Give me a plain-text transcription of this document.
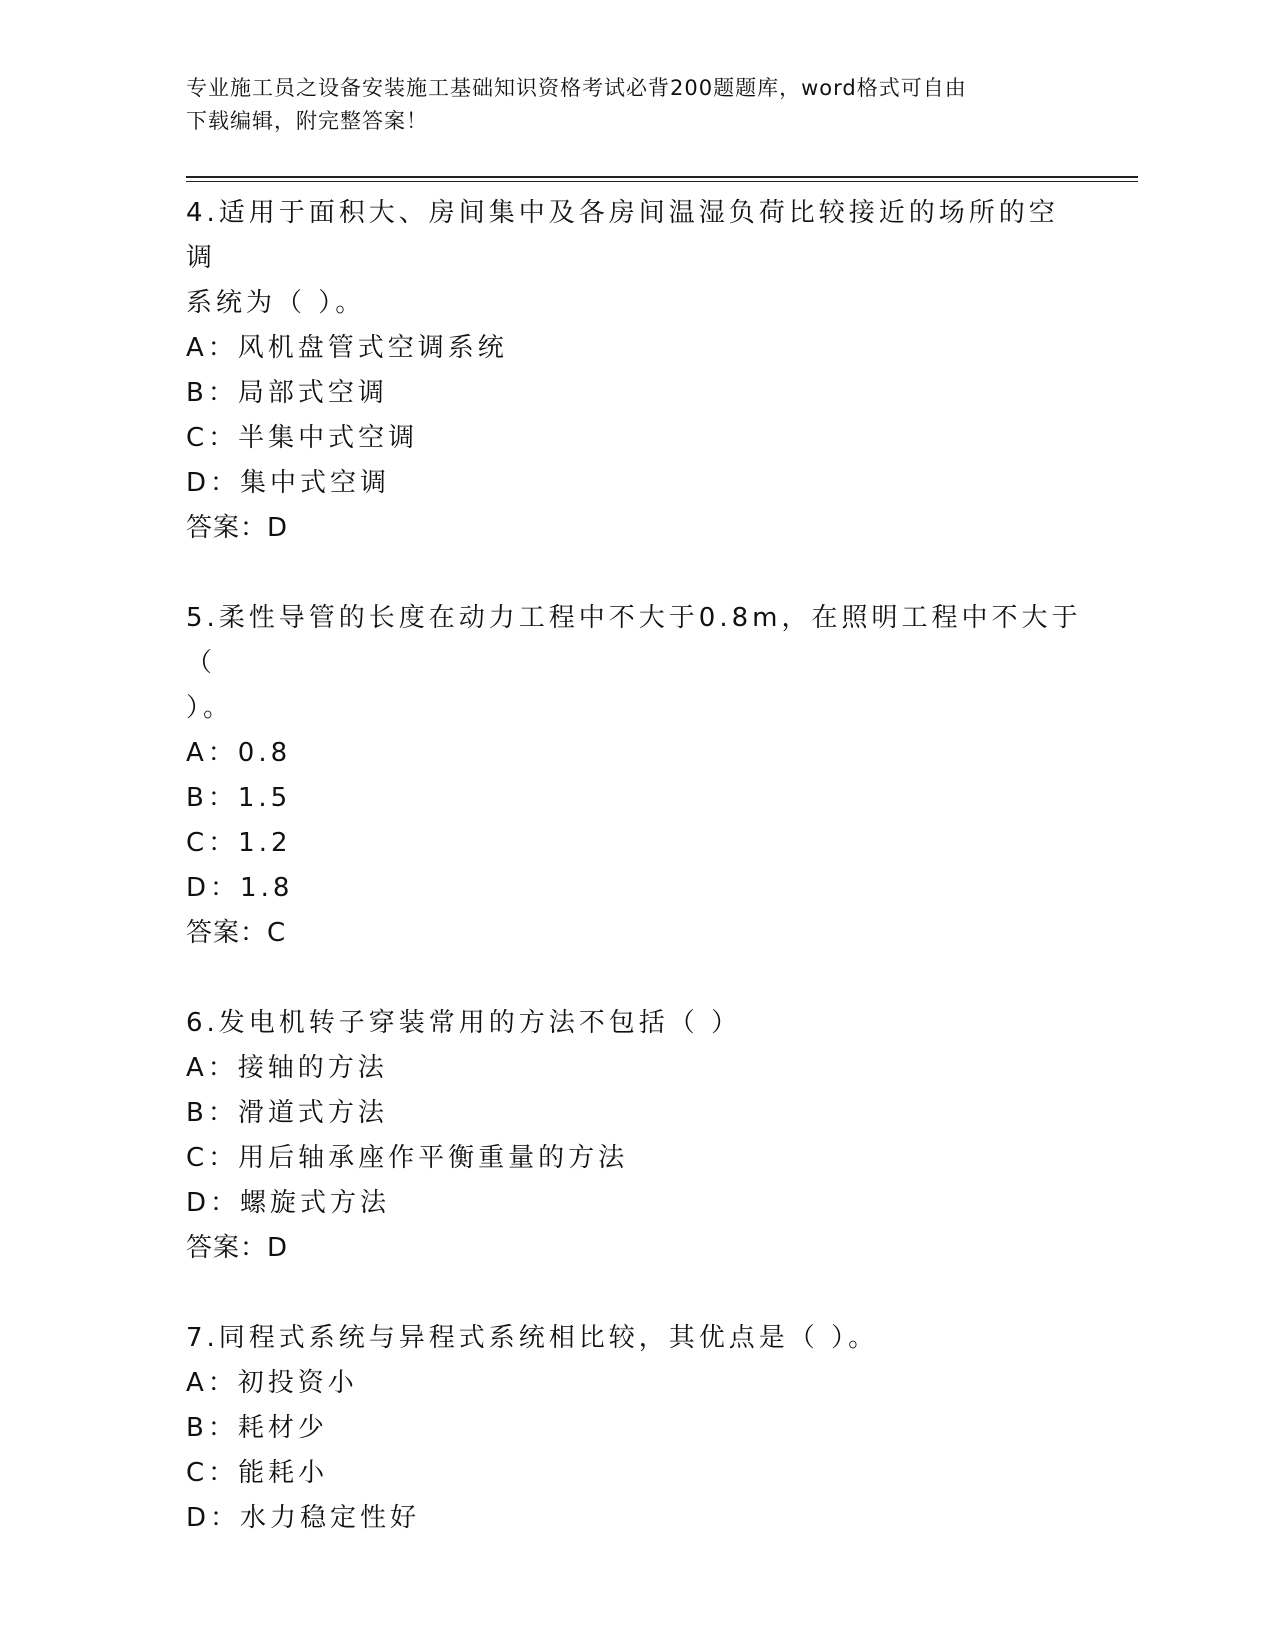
专业施工员之设备安装施工基础知识资格考试必背200题题库，word格式可自由
下载编辑，附完整答案！

4.适用于面积大、房间集中及各房间温湿负荷比较接近的场所的空调

系统为（ ）。

A：风机盘管式空调系统

B：局部式空调

C：半集中式空调

D：集中式空调

答案：D

5.柔性导管的长度在动力工程中不大于0.8m，在照明工程中不大于（

）。

A：0.8

B：1.5

C：1.2

D：1.8

答案：C

6.发电机转子穿装常用的方法不包括（ ）

A：接轴的方法

B：滑道式方法

C：用后轴承座作平衡重量的方法

D：螺旋式方法

答案：D

7.同程式系统与异程式系统相比较，其优点是（ ）。

A：初投资小

B：耗材少

C：能耗小

D：水力稳定性好
